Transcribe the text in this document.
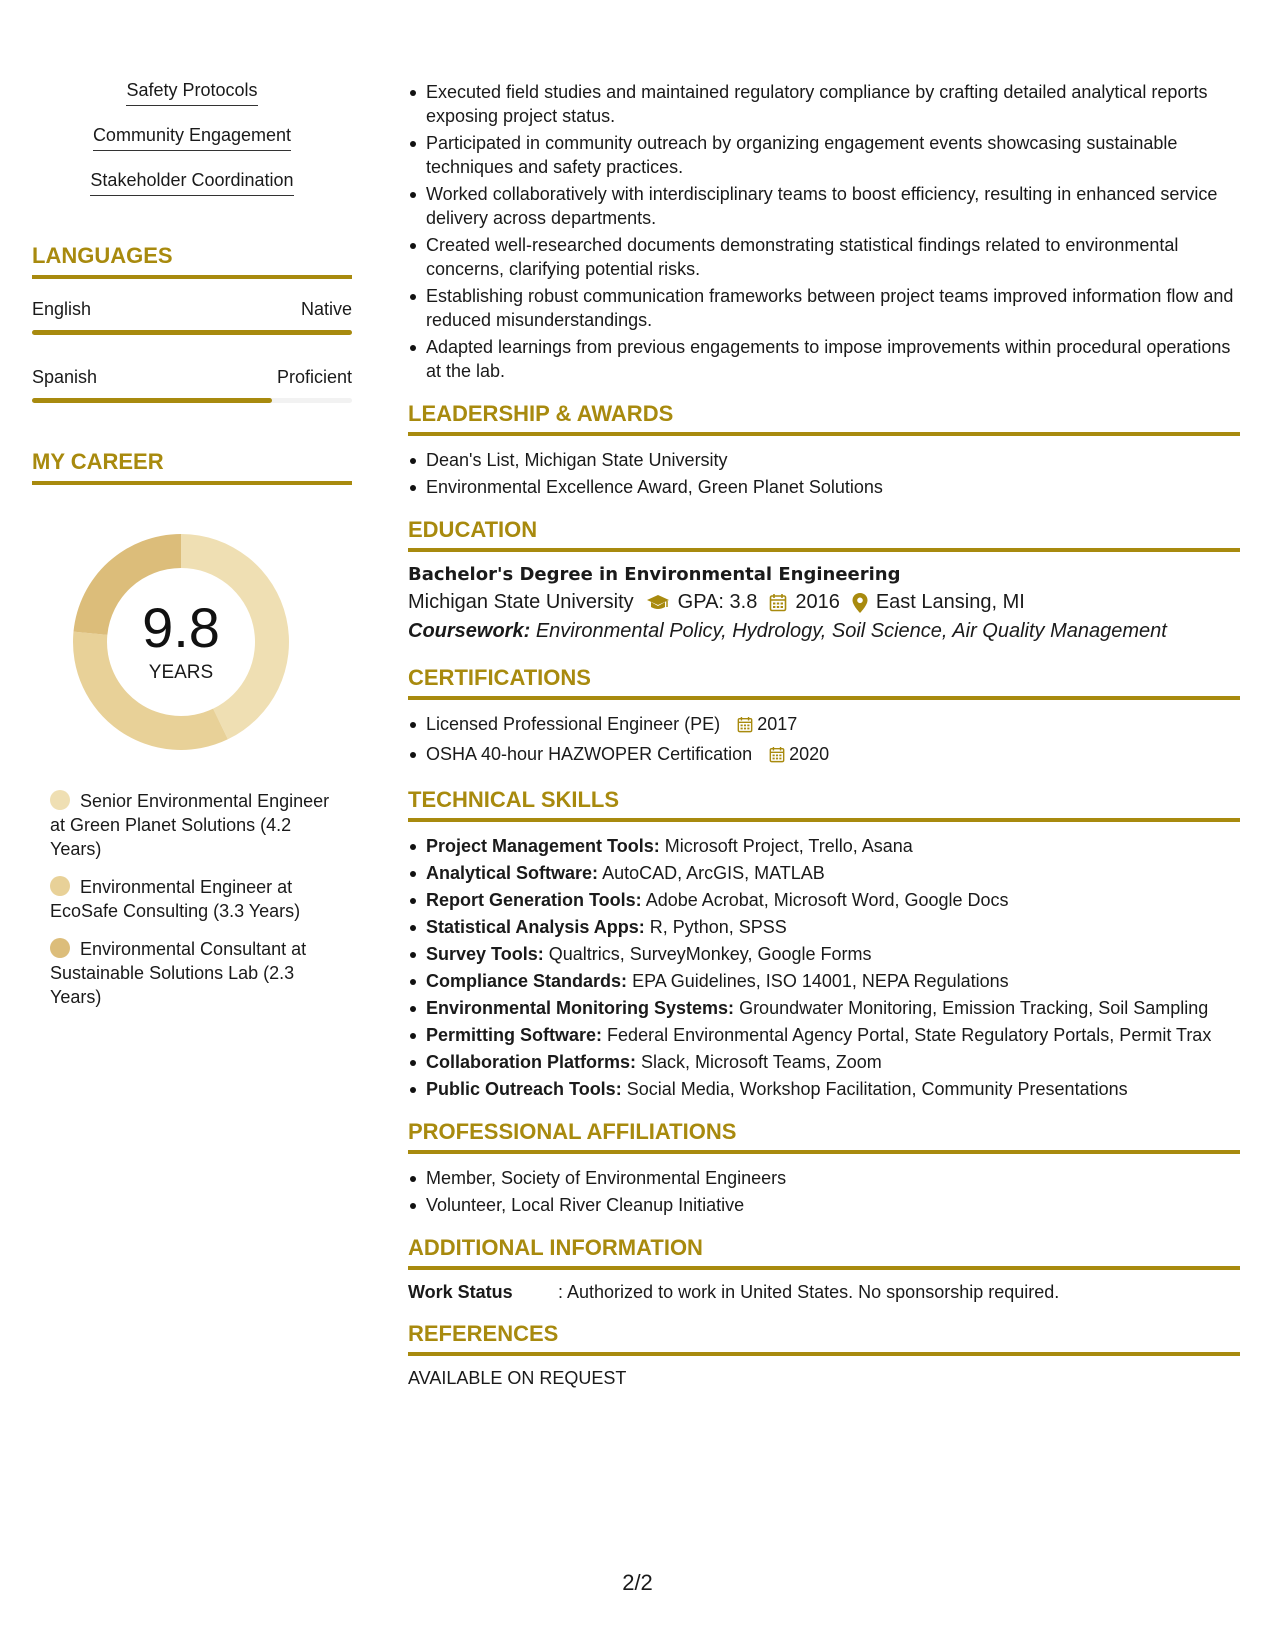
Safety Protocols
Community Engagement
Stakeholder Coordination
LANGUAGES
English	Native
Spanish	Proficient
MY CAREER
9.8
YEARS
Senior Environmental Engineer at Green Planet Solutions (4.2 Years)
Environmental Engineer at EcoSafe Consulting (3.3 Years)
Environmental Consultant at Sustainable Solutions Lab (2.3 Years)
Executed field studies and maintained regulatory compliance by crafting detailed analytical reports exposing project status.
Participated in community outreach by organizing engagement events showcasing sustainable techniques and safety practices.
Worked collaboratively with interdisciplinary teams to boost efficiency, resulting in enhanced service delivery across departments.
Created well-researched documents demonstrating statistical findings related to environmental concerns, clarifying potential risks.
Establishing robust communication frameworks between project teams improved information flow and reduced misunderstandings.
Adapted learnings from previous engagements to impose improvements within procedural operations at the lab.
LEADERSHIP & AWARDS
Dean's List, Michigan State University
Environmental Excellence Award, Green Planet Solutions
EDUCATION
Bachelor's Degree in Environmental Engineering
Michigan State University GPA: 3.8 2016 East Lansing, MI
Coursework: Environmental Policy, Hydrology, Soil Science, Air Quality Management
CERTIFICATIONS
Licensed Professional Engineer (PE) 2017
OSHA 40-hour HAZWOPER Certification 2020
TECHNICAL SKILLS
Project Management Tools: Microsoft Project, Trello, Asana
Analytical Software: AutoCAD, ArcGIS, MATLAB
Report Generation Tools: Adobe Acrobat, Microsoft Word, Google Docs
Statistical Analysis Apps: R, Python, SPSS
Survey Tools: Qualtrics, SurveyMonkey, Google Forms
Compliance Standards: EPA Guidelines, ISO 14001, NEPA Regulations
Environmental Monitoring Systems: Groundwater Monitoring, Emission Tracking, Soil Sampling
Permitting Software: Federal Environmental Agency Portal, State Regulatory Portals, Permit Trax
Collaboration Platforms: Slack, Microsoft Teams, Zoom
Public Outreach Tools: Social Media, Workshop Facilitation, Community Presentations
PROFESSIONAL AFFILIATIONS
Member, Society of Environmental Engineers
Volunteer, Local River Cleanup Initiative
ADDITIONAL INFORMATION
Work Status	: Authorized to work in United States. No sponsorship required.
REFERENCES
AVAILABLE ON REQUEST
2/2
